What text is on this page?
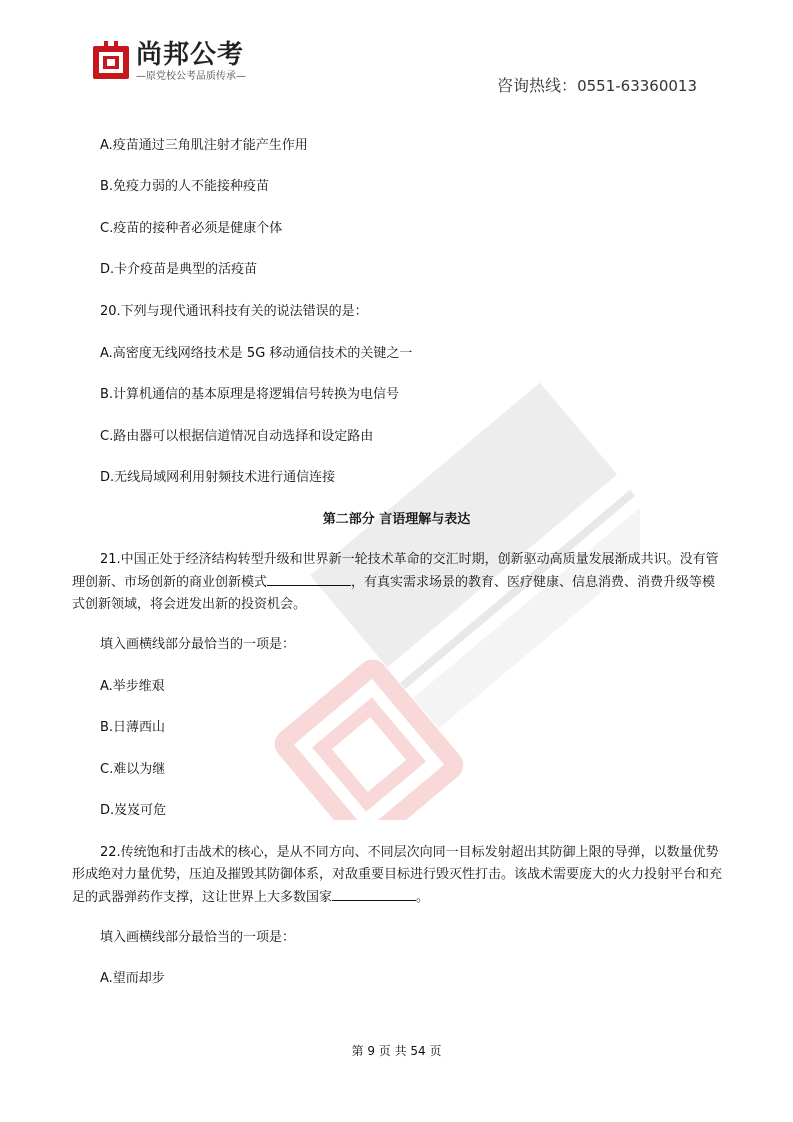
尚邦公考
—原党校公考品质传承—	咨询热线：0551-63360013
A.疫苗通过三角肌注射才能产生作用
B.免疫力弱的人不能接种疫苗
C.疫苗的接种者必须是健康个体
D.卡介疫苗是典型的活疫苗
20.下列与现代通讯科技有关的说法错误的是：
A.高密度无线网络技术是 5G 移动通信技术的关键之一
B.计算机通信的基本原理是将逻辑信号转换为电信号
C.路由器可以根据信道情况自动选择和设定路由
D.无线局域网利用射频技术进行通信连接
第二部分 言语理解与表达
21.中国正处于经济结构转型升级和世界新一轮技术革命的交汇时期，创新驱动高质量发展渐成共识。没有管理创新、市场创新的商业创新模式	，有真实需求场景的教育、医疗健康、信息消费、消费升级等模式创新领域，将会迸发出新的投资机会。
填入画横线部分最恰当的一项是：
A.举步维艰
B.日薄西山
C.难以为继
D.岌岌可危
22.传统饱和打击战术的核心，是从不同方向、不同层次向同一目标发射超出其防御上限的导弹，以数量优势形成绝对力量优势，压迫及摧毁其防御体系，对敌重要目标进行毁灭性打击。该战术需要庞大的火力投射平台和充足的武器弹药作支撑，这让世界上大多数国家	。
填入画横线部分最恰当的一项是：
A.望而却步
第 9 页 共 54 页
